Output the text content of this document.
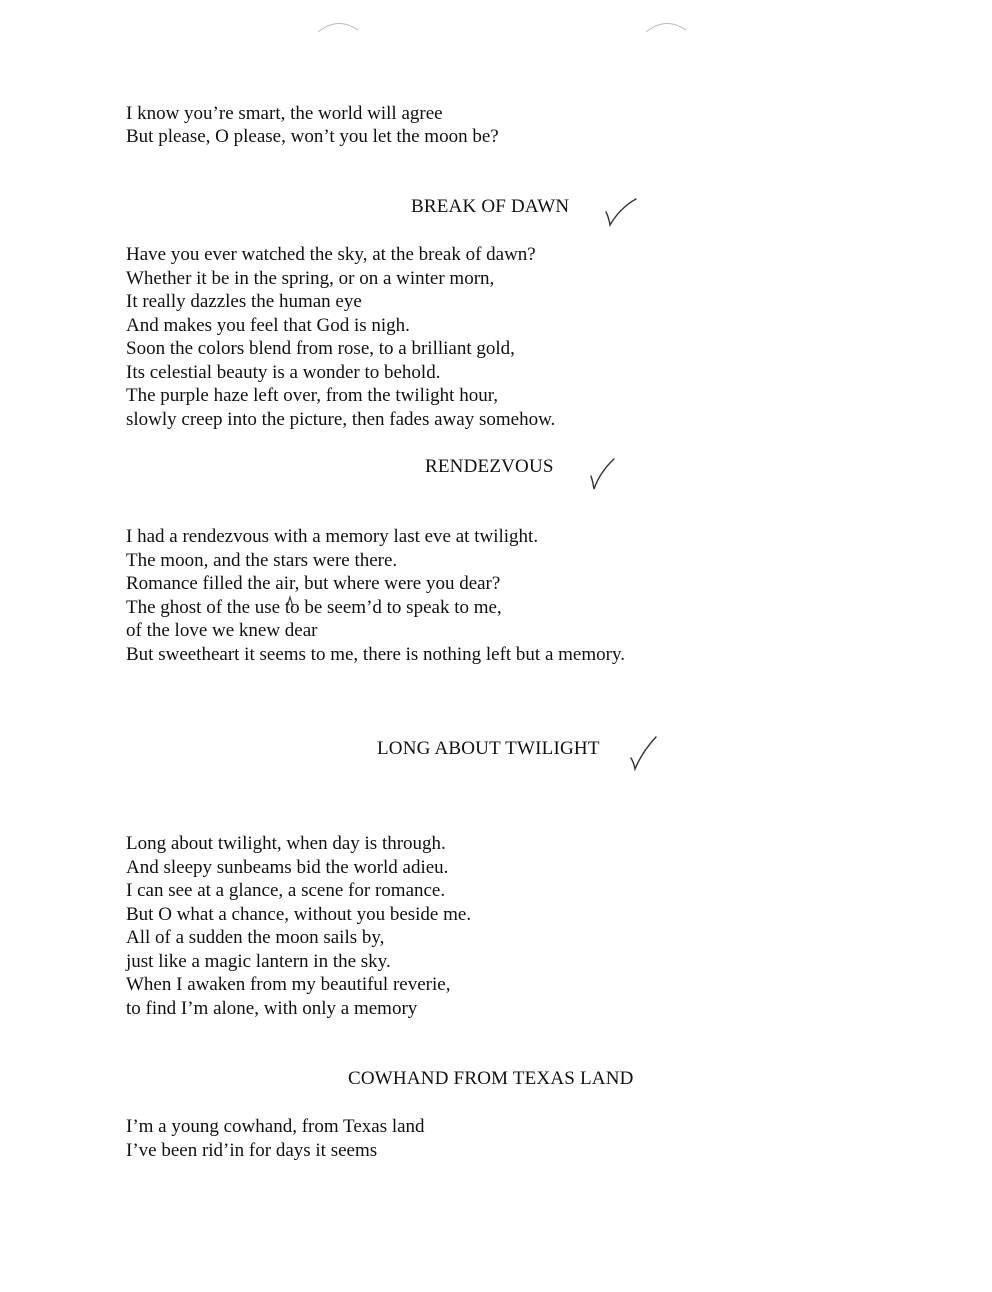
I know you’re smart, the world will agree
But please, O please, won’t you let the moon be?
BREAK OF DAWN
Have you ever watched the sky, at the break of dawn?
Whether it be in the spring, or on a winter morn,
It really dazzles the human eye
And makes you feel that God is nigh.
Soon the colors blend from rose, to a brilliant gold,
Its celestial beauty is a wonder to behold.
The purple haze left over, from the twilight hour,
slowly creep into the picture, then fades away somehow.
RENDEZVOUS
I had a rendezvous with a memory last eve at twilight.
The moon, and the stars were there.
Romance filled the air, but where were you dear?
The ghost of the use to be seem’d to speak to me,
of the love we knew dear
But sweetheart it seems to me, there is nothing left but a memory.
LONG ABOUT TWILIGHT
Long about twilight, when day is through.
And sleepy sunbeams bid the world adieu.
I can see at a glance, a scene for romance.
But O what a chance, without you beside me.
All of a sudden the moon sails by,
just like a magic lantern in the sky.
When I awaken from my beautiful reverie,
to find I’m alone, with only a memory
COWHAND FROM TEXAS LAND
I’m a young cowhand, from Texas land
I’ve been rid’in for days it seems
